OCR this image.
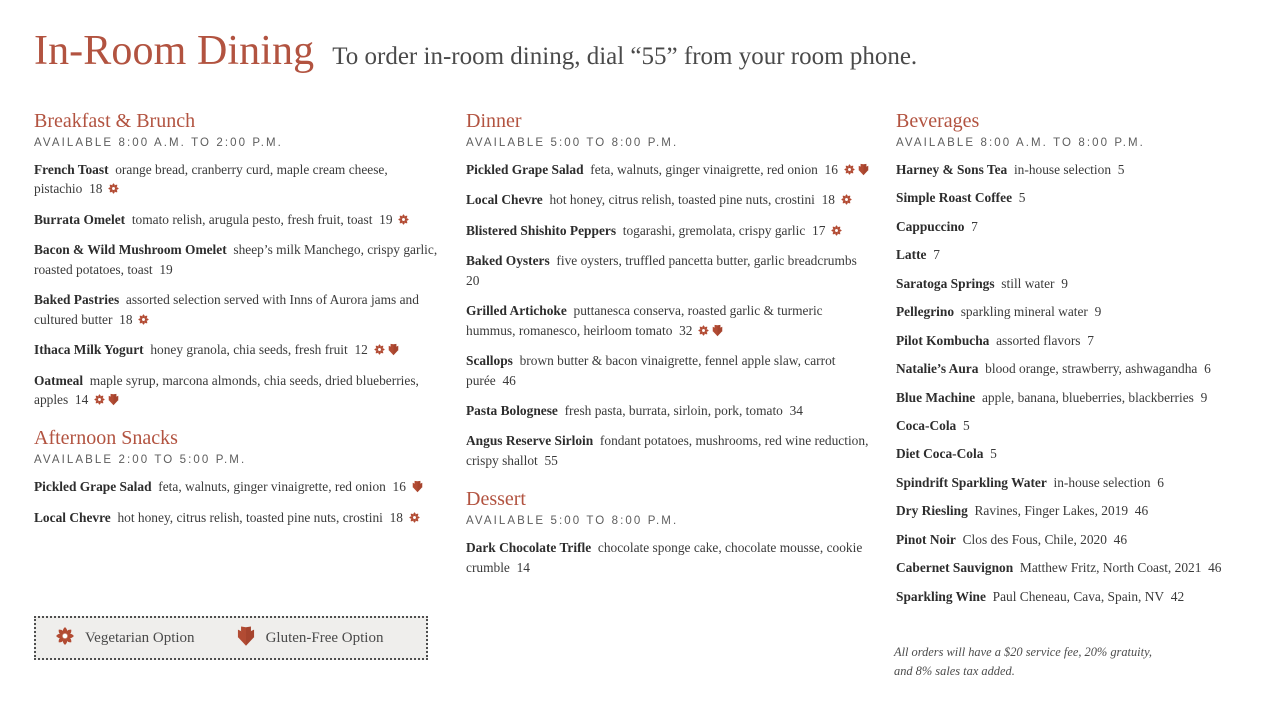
In-Room Dining To order in-room dining, dial “55” from your room phone.
Breakfast & Brunch
AVAILABLE 8:00 A.M. TO 2:00 P.M.
French Toast  orange bread, cranberry curd, maple cream cheese, pistachio  18 
Burrata Omelet  tomato relish, arugula pesto, fresh fruit, toast  19 
Bacon & Wild Mushroom Omelet  sheep’s milk Manchego, crispy garlic, roasted potatoes, toast  19
Baked Pastries  assorted selection served with Inns of Aurora jams and cultured butter  18 
Ithaca Milk Yogurt  honey granola, chia seeds, fresh fruit  12 
Oatmeal  maple syrup, marcona almonds, chia seeds, dried blueberries, apples  14 
Afternoon Snacks
AVAILABLE 2:00 TO 5:00 P.M.
Pickled Grape Salad  feta, walnuts, ginger vinaigrette, red onion  16 
Local Chevre  hot honey, citrus relish, toasted pine nuts, crostini  18 
Dinner
AVAILABLE 5:00 TO 8:00 P.M.
Pickled Grape Salad  feta, walnuts, ginger vinaigrette, red onion  16 
Local Chevre  hot honey, citrus relish, toasted pine nuts, crostini  18 
Blistered Shishito Peppers  togarashi, gremolata, crispy garlic  17 
Baked Oysters  five oysters, truffled pancetta butter, garlic breadcrumbs 20
Grilled Artichoke  puttanesca conserva, roasted garlic & turmeric hummus, romanesco, heirloom tomato  32 
Scallops  brown butter & bacon vinaigrette, fennel apple slaw, carrot purée  46
Pasta Bolognese  fresh pasta, burrata, sirloin, pork, tomato  34
Angus Reserve Sirloin  fondant potatoes, mushrooms, red wine reduction, crispy shallot  55
Dessert
AVAILABLE 5:00 TO 8:00 P.M.
Dark Chocolate Trifle  chocolate sponge cake, chocolate mousse, cookie crumble  14
Beverages
AVAILABLE 8:00 A.M. TO 8:00 P.M.
Harney & Sons Tea  in-house selection  5
Simple Roast Coffee  5
Cappuccino  7
Latte  7
Saratoga Springs  still water  9
Pellegrino  sparkling mineral water  9
Pilot Kombucha  assorted flavors  7
Natalie’s Aura  blood orange, strawberry, ashwagandha  6
Blue Machine  apple, banana, blueberries, blackberries  9
Coca-Cola  5
Diet Coca-Cola  5
Spindrift Sparkling Water  in-house selection  6
Dry Riesling  Ravines, Finger Lakes, 2019  46
Pinot Noir  Clos des Fous, Chile, 2020  46
Cabernet Sauvignon  Matthew Fritz, North Coast, 2021  46
Sparkling Wine  Paul Cheneau, Cava, Spain, NV  42
Vegetarian Option	Gluten-Free Option
All orders will have a $20 service fee, 20% gratuity,
and 8% sales tax added.
